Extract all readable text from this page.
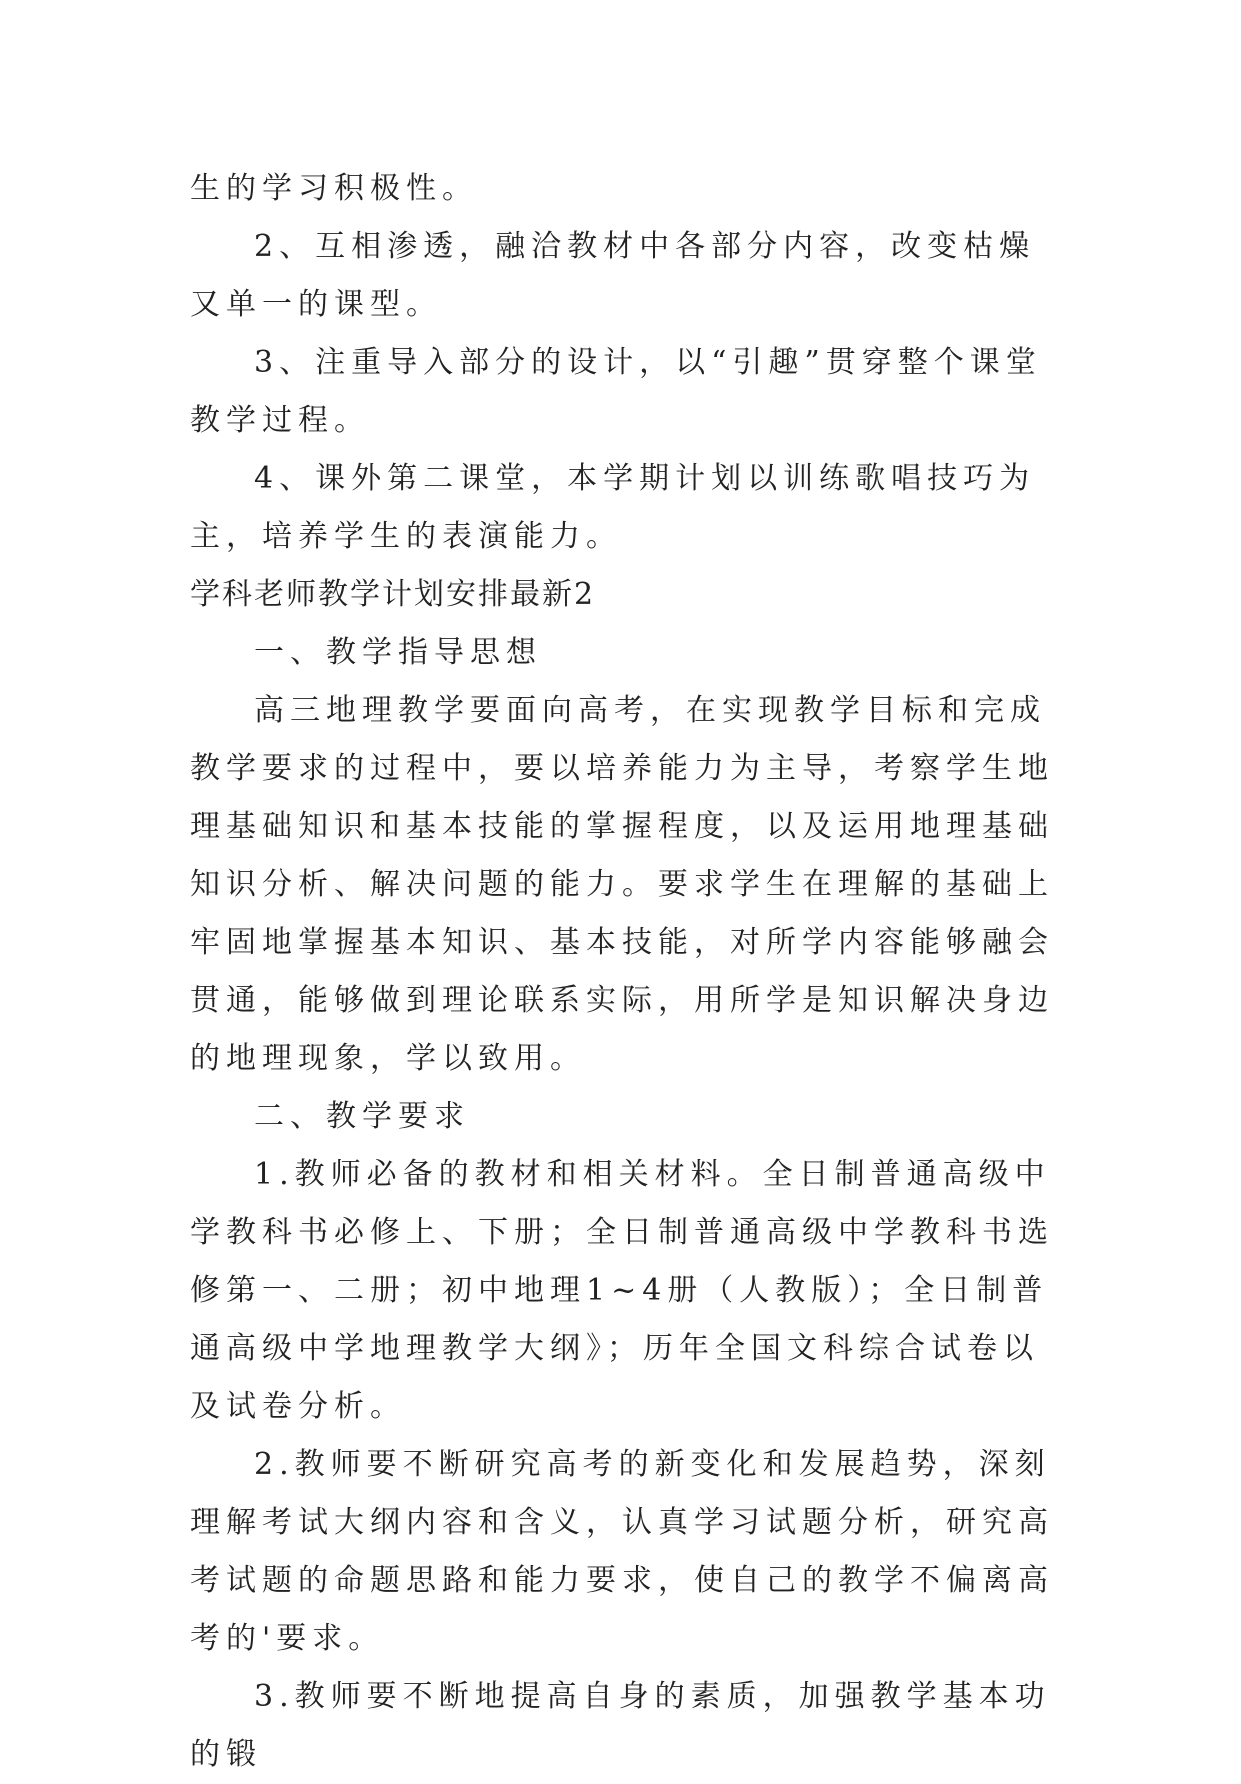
生的学习积极性。

2、互相渗透，融洽教材中各部分内容，改变枯燥又单一的课型。

3、注重导入部分的设计，以“引趣”贯穿整个课堂教学过程。

4、课外第二课堂，本学期计划以训练歌唱技巧为主，培养学生的表演能力。

学科老师教学计划安排最新2

一、教学指导思想

高三地理教学要面向高考，在实现教学目标和完成教学要求的过程中，要以培养能力为主导，考察学生地理基础知识和基本技能的掌握程度，以及运用地理基础知识分析、解决问题的能力。要求学生在理解的基础上牢固地掌握基本知识、基本技能，对所学内容能够融会贯通，能够做到理论联系实际，用所学是知识解决身边的地理现象，学以致用。

二、教学要求

1.教师必备的教材和相关材料。全日制普通高级中学教科书必修上、下册；全日制普通高级中学教科书选修第一、二册；初中地理1~4册（人教版）；全日制普通高级中学地理教学大纲》；历年全国文科综合试卷以及试卷分析。

2.教师要不断研究高考的新变化和发展趋势，深刻理解考试大纲内容和含义，认真学习试题分析，研究高考试题的命题思路和能力要求，使自己的教学不偏离高考的'要求。

3.教师要不断地提高自身的素质，加强教学基本功的锻
